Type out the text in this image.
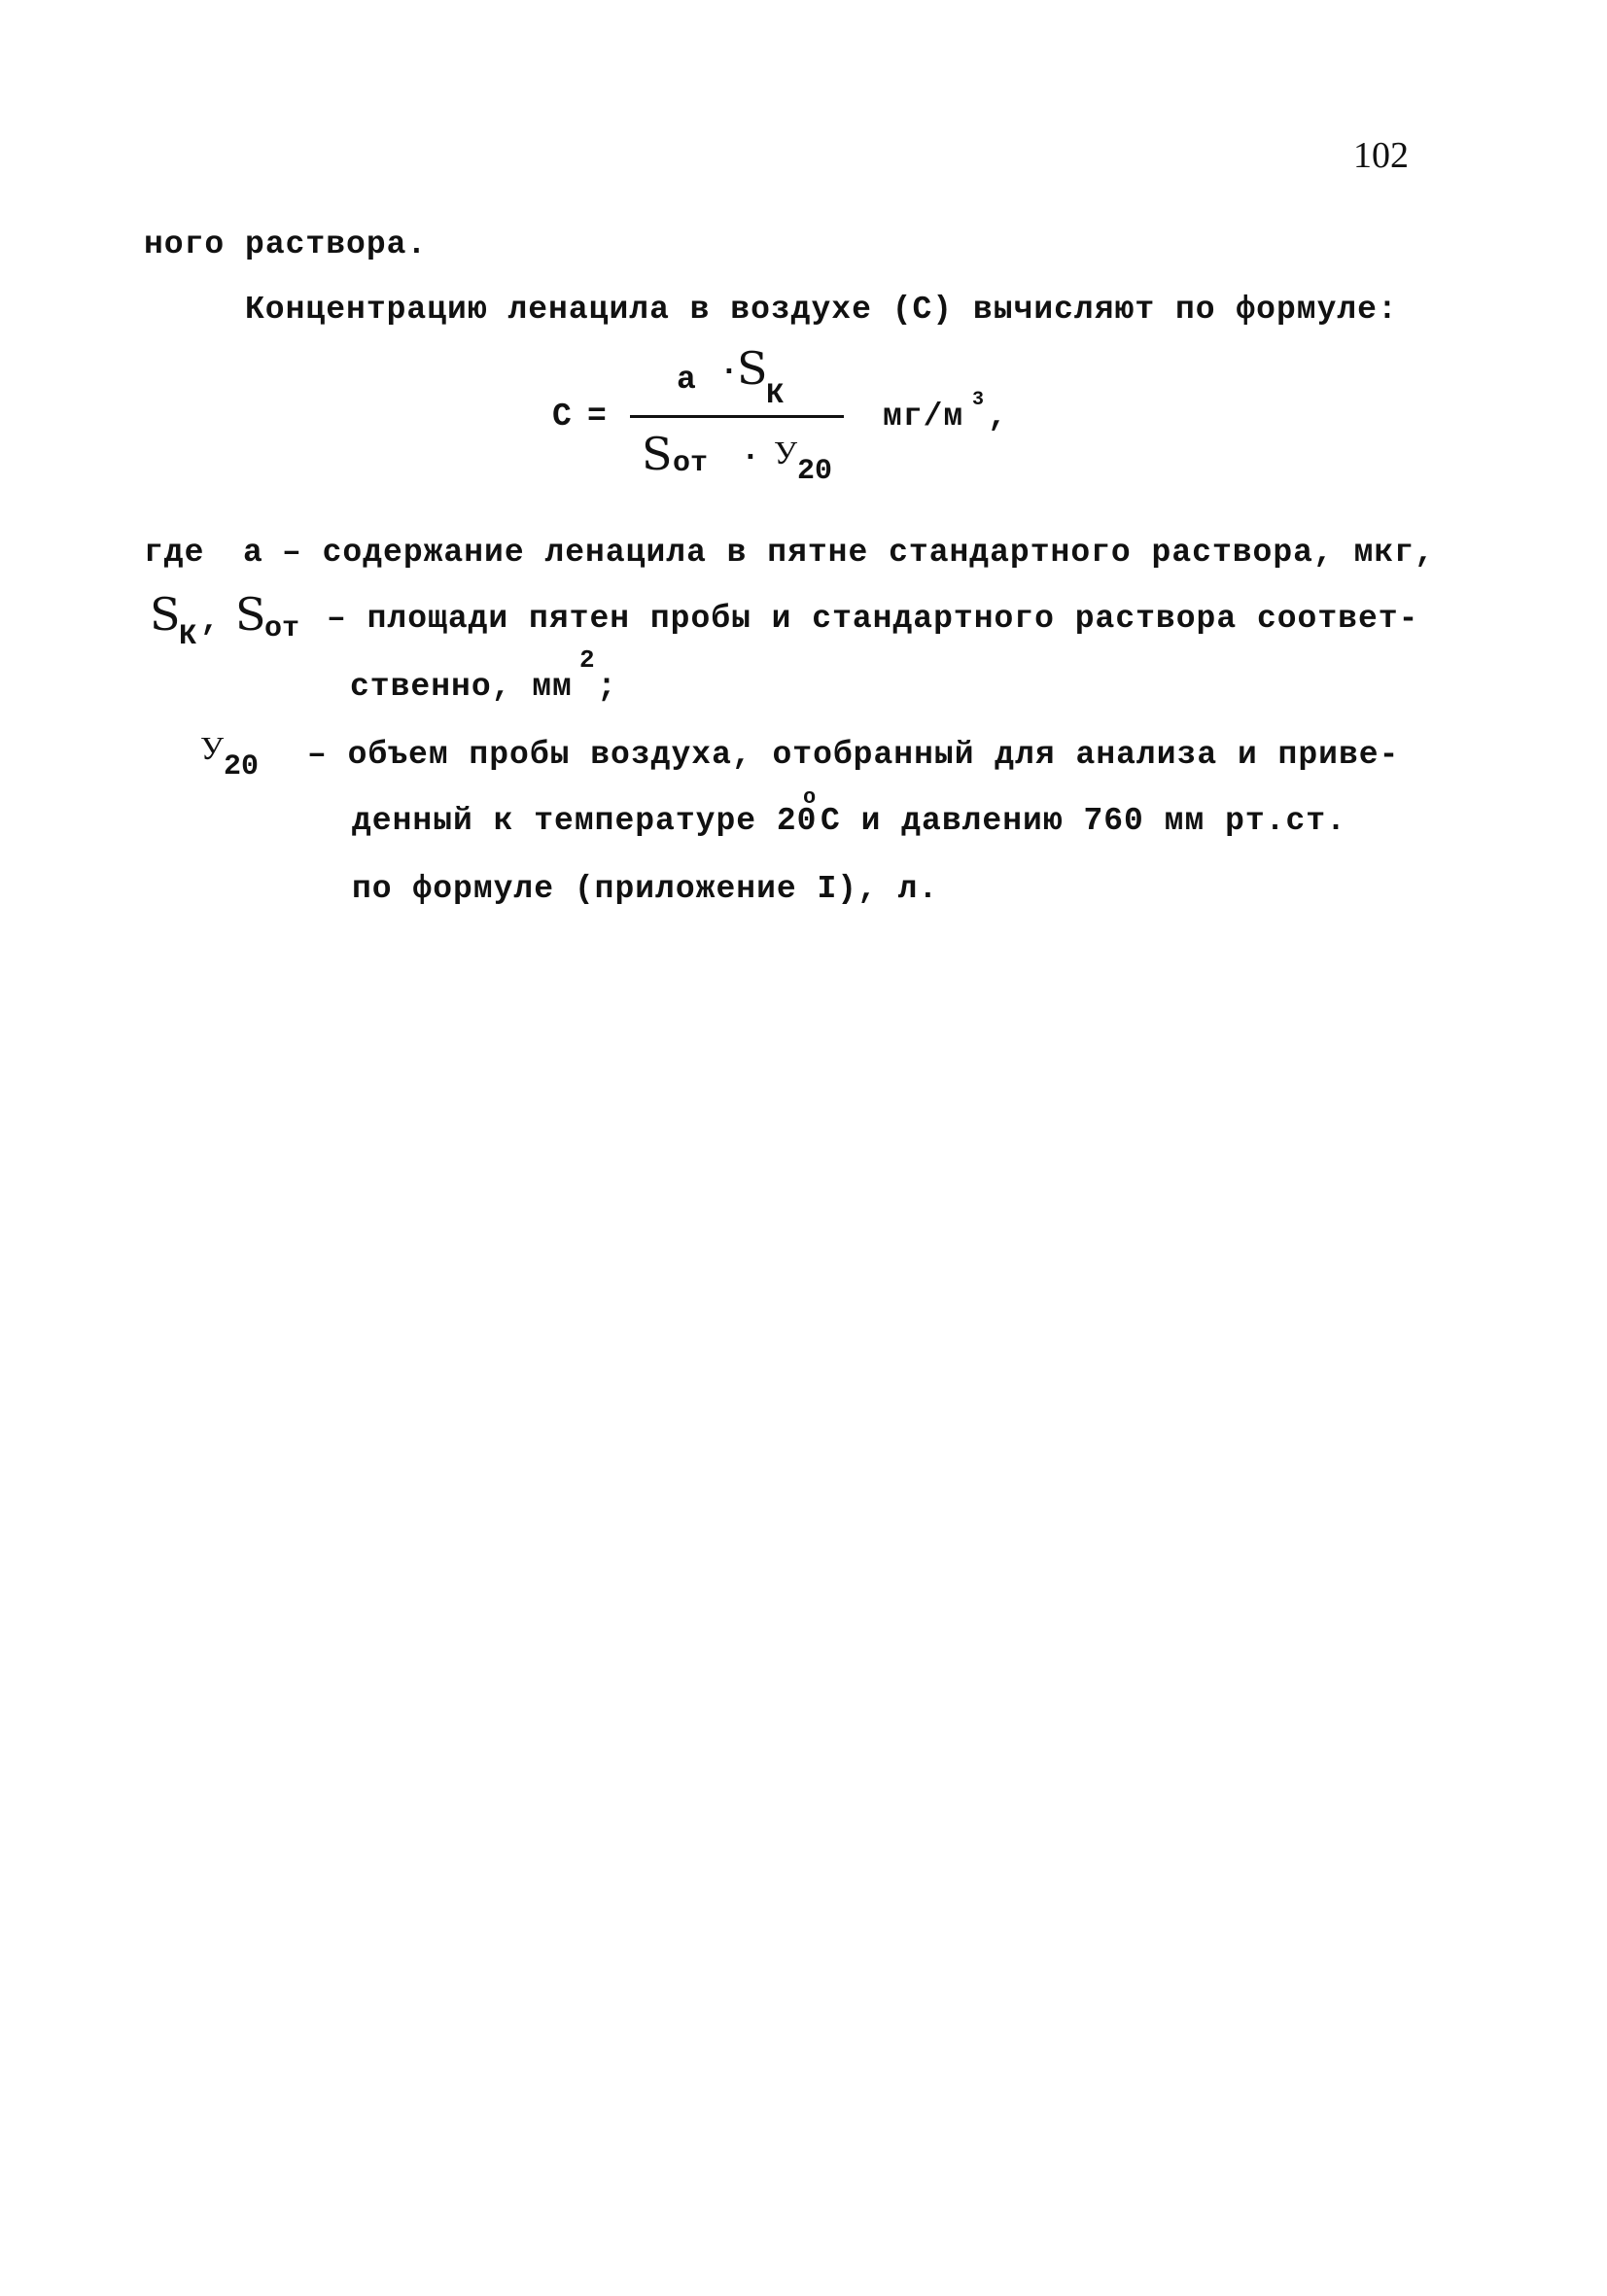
102
ного раствора.
Концентрацию ленацила в воздухе (С) вычисляют по формуле:
С =
а ·
S
К
S от · У
20
мг/м 3 ,
где а – содержание ленацила в пятне стандартного раствора, мкг,
S
К , S
от – площади пятен пробы и стандартного раствора соответ-
ственно, мм
2
;
У
20 – объем пробы воздуха, отобранный для анализа и приве-
денный к температуре 20
о
С и давлению 760 мм рт.ст.
по формуле (приложение I), л.
